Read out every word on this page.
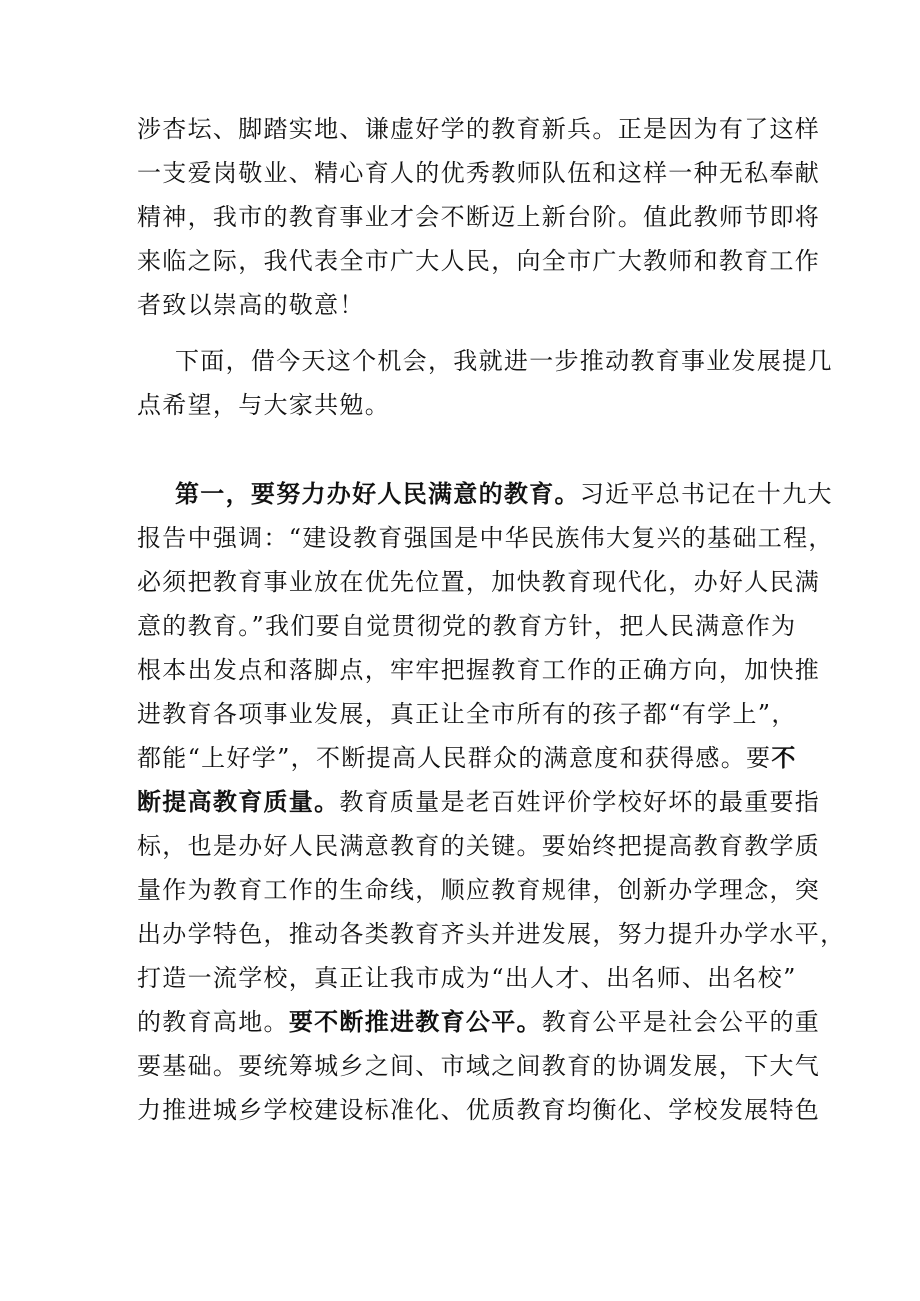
涉杏坛、脚踏实地、谦虚好学的教育新兵。正是因为有了这样
一支爱岗敬业、精心育人的优秀教师队伍和这样一种无私奉献
精神，我市的教育事业才会不断迈上新台阶。值此教师节即将
来临之际，我代表全市广大人民，向全市广大教师和教育工作
者致以崇高的敬意！
下面，借今天这个机会，我就进一步推动教育事业发展提几
点希望，与大家共勉。
第一，要努力办好人民满意的教育。习近平总书记在十九大
报告中强调：“建设教育强国是中华民族伟大复兴的基础工程，
必须把教育事业放在优先位置，加快教育现代化，办好人民满
意的教育。”我们要自觉贯彻党的教育方针，把人民满意作为
根本出发点和落脚点，牢牢把握教育工作的正确方向，加快推
进教育各项事业发展，真正让全市所有的孩子都“有学上”，
都能“上好学”，不断提高人民群众的满意度和获得感。要不
断提高教育质量。教育质量是老百姓评价学校好坏的最重要指
标，也是办好人民满意教育的关键。要始终把提高教育教学质
量作为教育工作的生命线，顺应教育规律，创新办学理念，突
出办学特色，推动各类教育齐头并进发展，努力提升办学水平，
打造一流学校，真正让我市成为“出人才、出名师、出名校”
的教育高地。要不断推进教育公平。教育公平是社会公平的重
要基础。要统筹城乡之间、市域之间教育的协调发展，下大气
力推进城乡学校建设标准化、优质教育均衡化、学校发展特色
